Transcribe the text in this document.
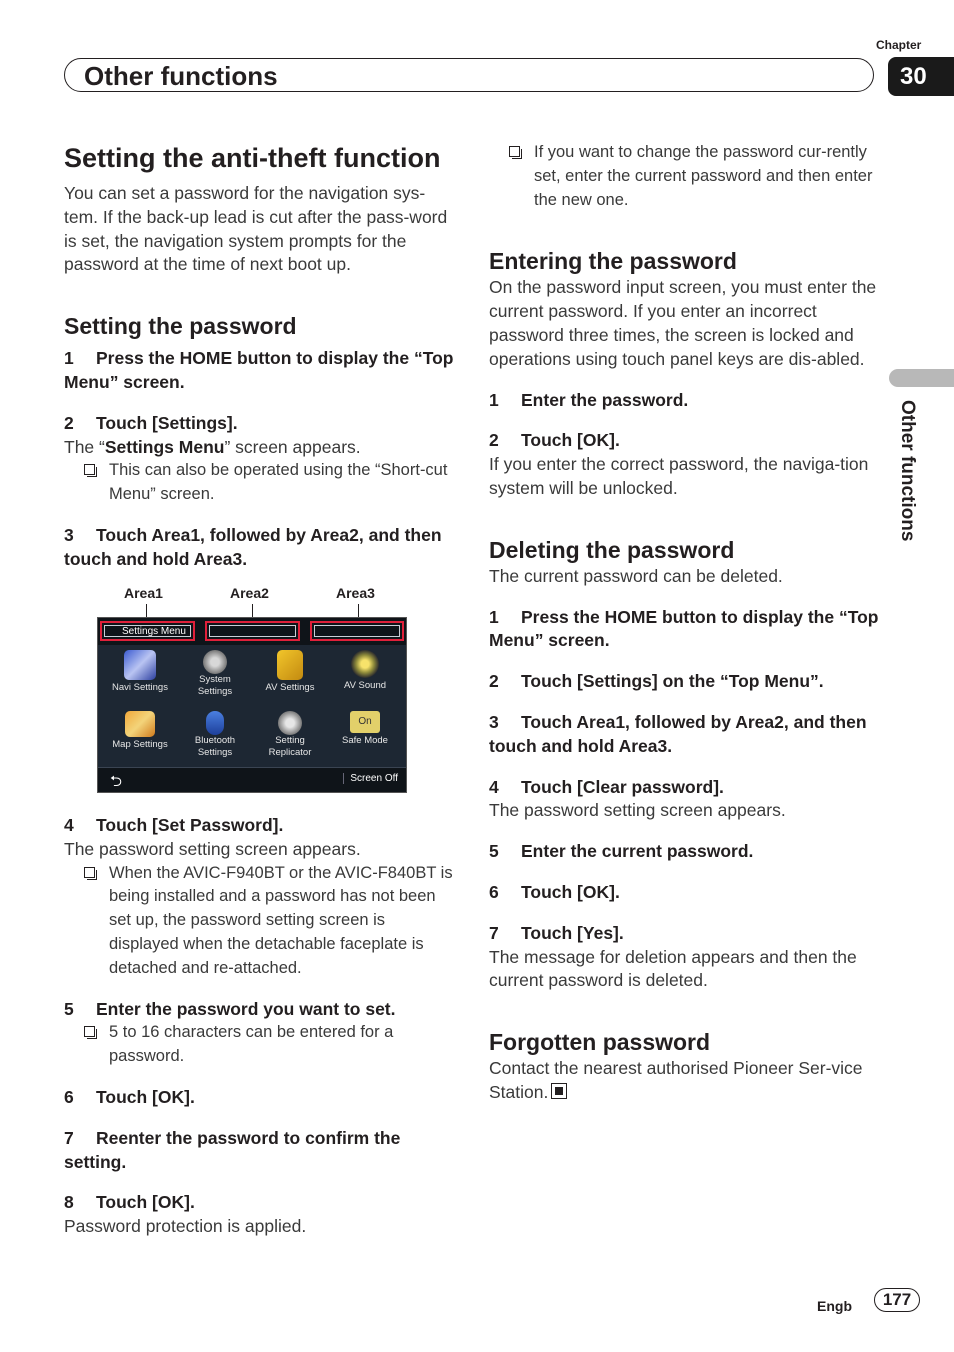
Chapter
30
Other functions
Other functions
Setting the anti-theft function
You can set a password for the navigation sys-tem. If the back-up lead is cut after the pass-word is set, the navigation system prompts for the password at the time of next boot up.
Setting the password
1 Press the HOME button to display the “Top Menu” screen.
2 Touch [Settings].
The “Settings Menu” screen appears.
This can also be operated using the “Short-cut Menu” screen.
3 Touch Area1, followed by Area2, and then touch and hold Area3.
Area1	Area2	Area3
Settings Menu
Navi Settings
System Settings	AV Settings	AV Sound
Map Settings	Bluetooth Settings
Setting Replicator
On
Safe Mode
⮌	Screen Off
4 Touch [Set Password].
The password setting screen appears.
When the AVIC-F940BT or the AVIC-F840BT is being installed and a password has not been set up, the password setting screen is displayed when the detachable faceplate is detached and re-attached.
5 Enter the password you want to set.
5 to 16 characters can be entered for a password.
6 Touch [OK].
7 Reenter the password to confirm the setting.
8 Touch [OK].
Password protection is applied.
If you want to change the password cur-rently set, enter the current password and then enter the new one.
Entering the password
On the password input screen, you must enter the current password. If you enter an incorrect password three times, the screen is locked and operations using touch panel keys are dis-abled.
1 Enter the password.
2 Touch [OK].
If you enter the correct password, the naviga-tion system will be unlocked.
Deleting the password
The current password can be deleted.
1 Press the HOME button to display the “Top Menu” screen.
2 Touch [Settings] on the “Top Menu”.
3 Touch Area1, followed by Area2, and then touch and hold Area3.
4 Touch [Clear password].
The password setting screen appears.
5 Enter the current password.
6 Touch [OK].
7 Touch [Yes].
The message for deletion appears and then the current password is deleted.
Forgotten password
Contact the nearest authorised Pioneer Ser-vice Station.
Engb	177
